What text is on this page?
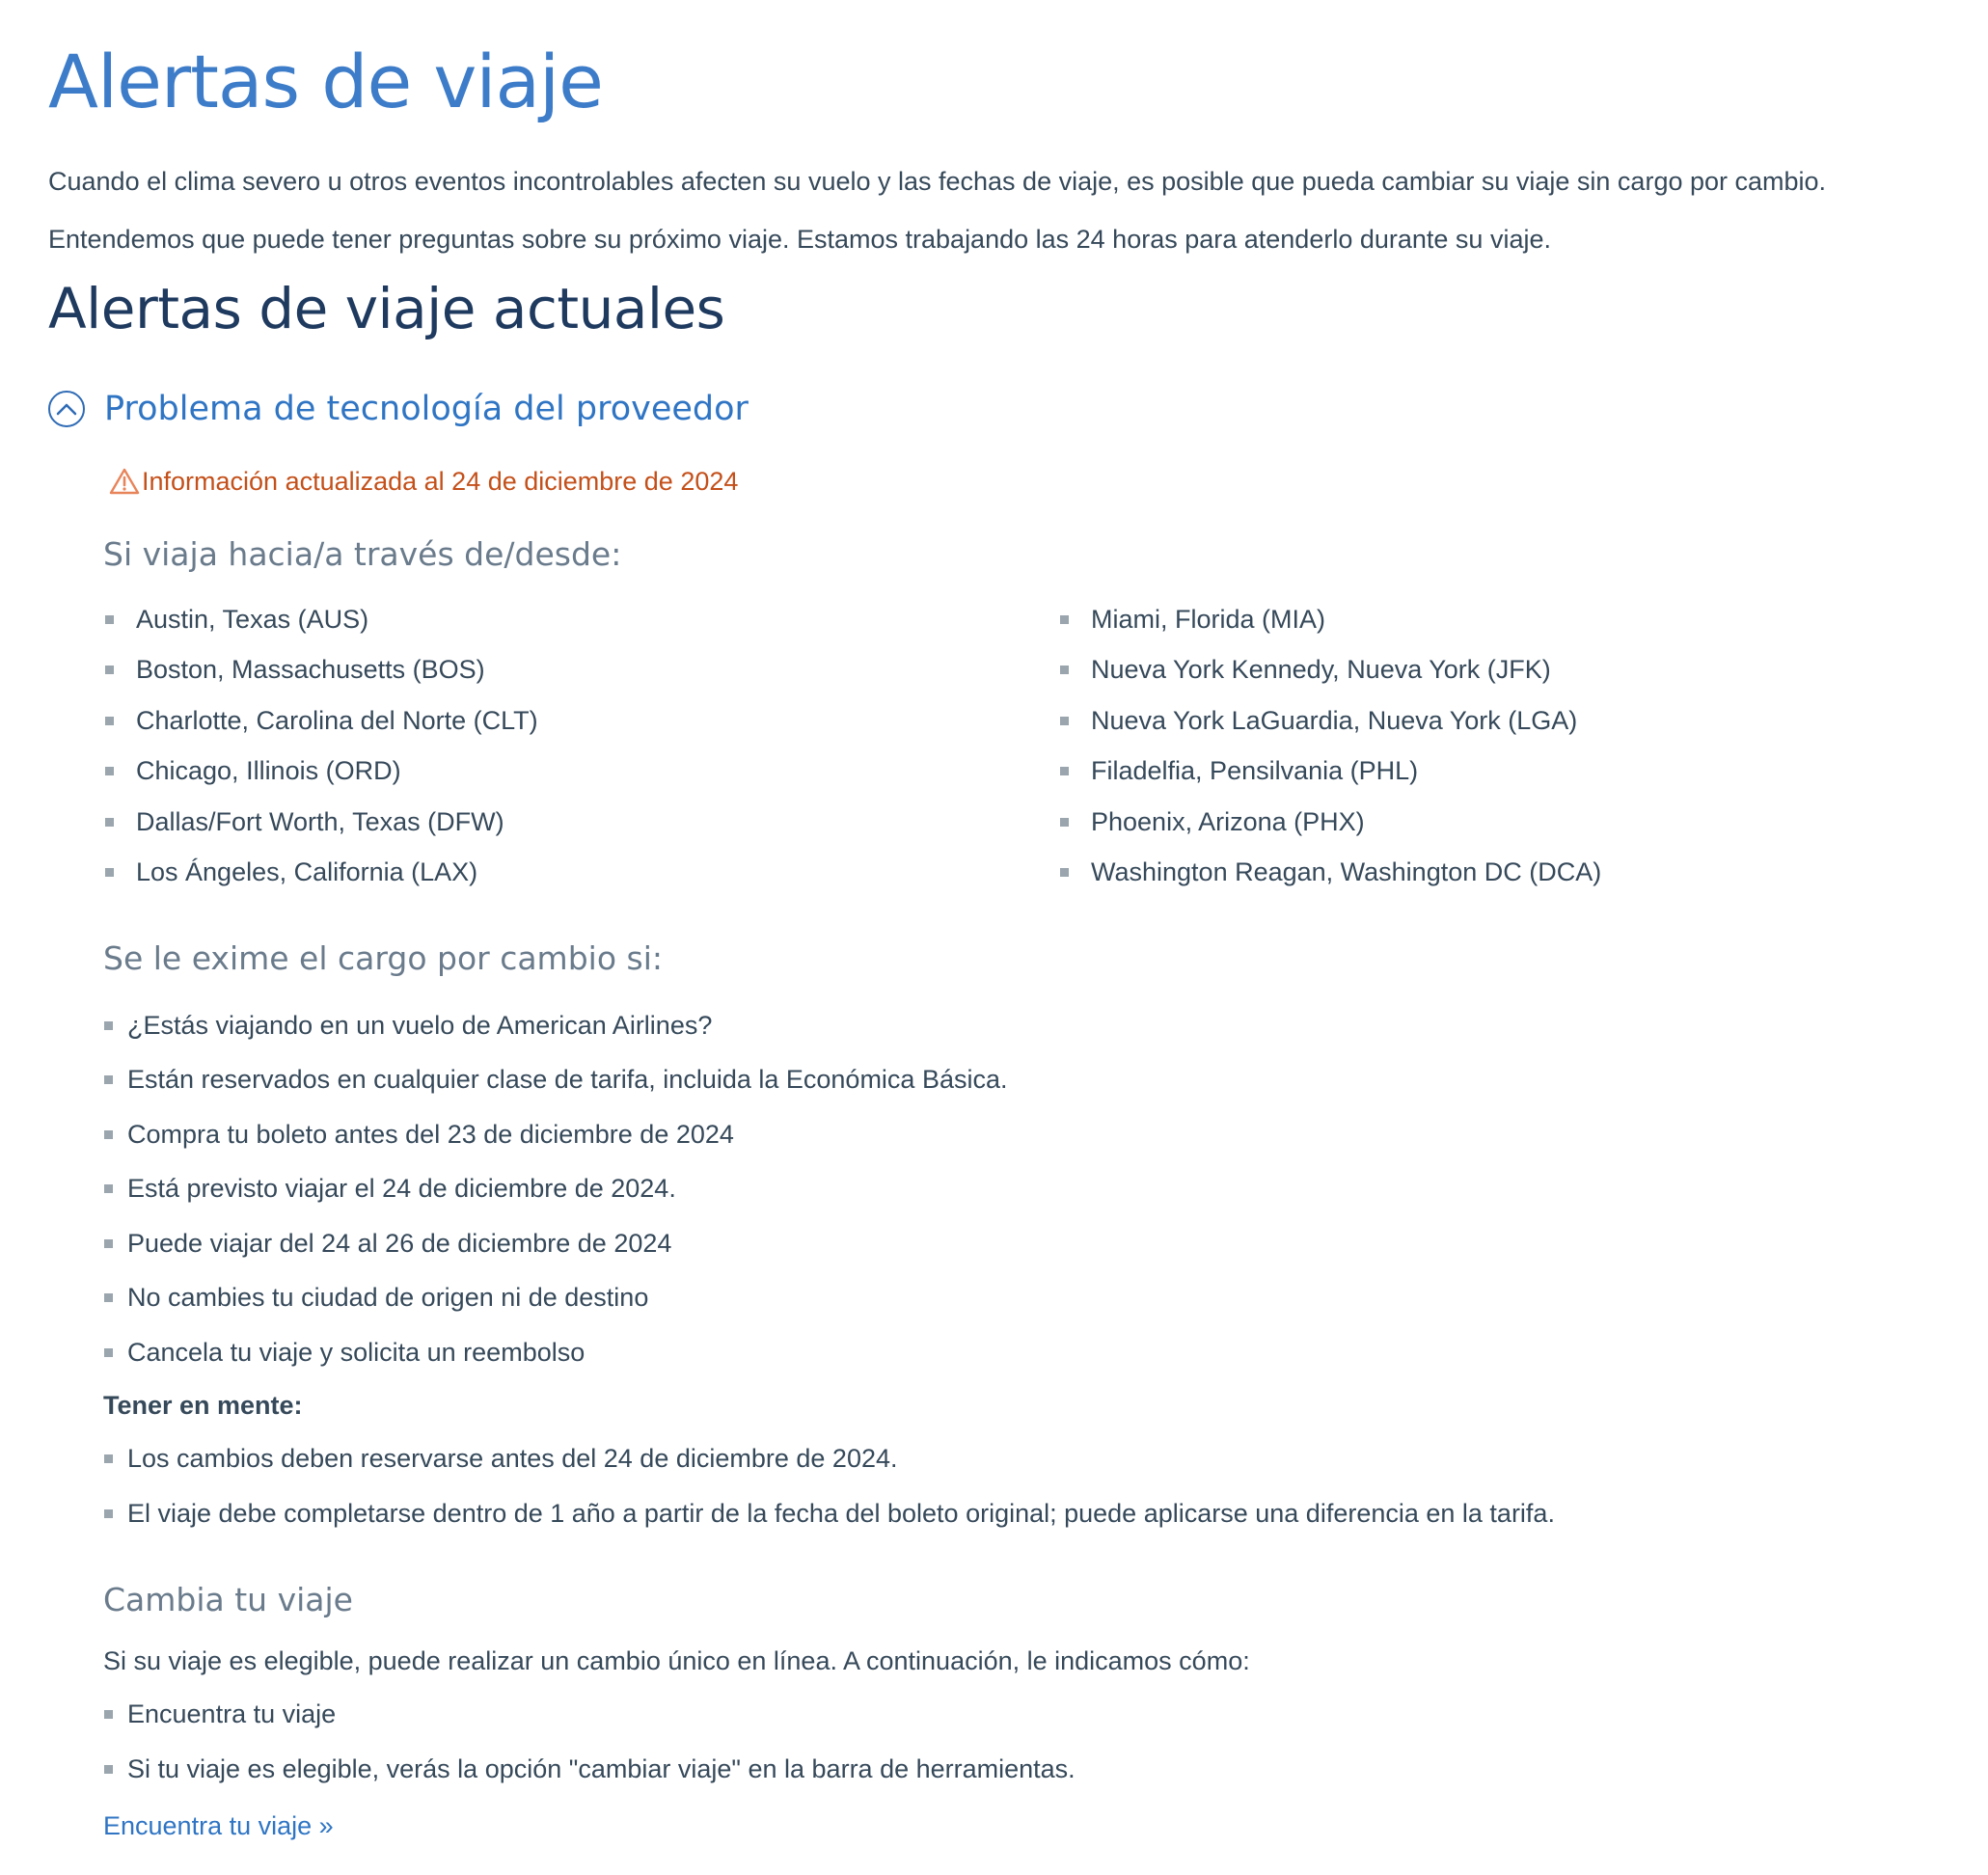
Alertas de viaje

Cuando el clima severo u otros eventos incontrolables afecten su vuelo y las fechas de viaje, es posible que pueda cambiar su viaje sin cargo por cambio.

Entendemos que puede tener preguntas sobre su próximo viaje. Estamos trabajando las 24 horas para atenderlo durante su viaje.

Alertas de viaje actuales
Problema de tecnología del proveedor
Información actualizada al 24 de diciembre de 2024
Si viaja hacia/a través de/desde:
Austin, Texas (AUS)
Boston, Massachusetts (BOS)
Charlotte, Carolina del Norte (CLT)
Chicago, Illinois (ORD)
Dallas/Fort Worth, Texas (DFW)
Los Ángeles, California (LAX)
Miami, Florida (MIA)
Nueva York Kennedy, Nueva York (JFK)
Nueva York LaGuardia, Nueva York (LGA)
Filadelfia, Pensilvania (PHL)
Phoenix, Arizona (PHX)
Washington Reagan, Washington DC (DCA)
Se le exime el cargo por cambio si:
¿Estás viajando en un vuelo de American Airlines?
Están reservados en cualquier clase de tarifa, incluida la Económica Básica.
Compra tu boleto antes del 23 de diciembre de 2024
Está previsto viajar el 24 de diciembre de 2024.
Puede viajar del 24 al 26 de diciembre de 2024
No cambies tu ciudad de origen ni de destino
Cancela tu viaje y solicita un reembolso
Tener en mente:
Los cambios deben reservarse antes del 24 de diciembre de 2024.
El viaje debe completarse dentro de 1 año a partir de la fecha del boleto original; puede aplicarse una diferencia en la tarifa.
Cambia tu viaje

Si su viaje es elegible, puede realizar un cambio único en línea. A continuación, le indicamos cómo:

Encuentra tu viaje
Si tu viaje es elegible, verás la opción "cambiar viaje" en la barra de herramientas.
Encuentra tu viaje »
